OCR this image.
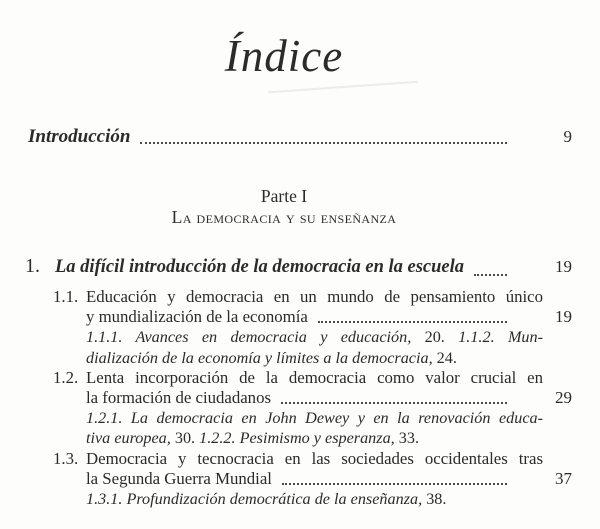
Índice
Introducción	9
Parte I
La democracia y su enseñanza
1. La difícil introducción de la democracia en la escuela	19
1.1. Educación y democracia en un mundo de pensamiento único
y mundialización de la economía	19
1.1.1. Avances en democracia y educación, 20. 1.1.2. Mun-
dialización de la economía y límites a la democracia, 24.
1.2. Lenta incorporación de la democracia como valor crucial en
la formación de ciudadanos	29
1.2.1. La democracia en John Dewey y en la renovación educa-
tiva europea, 30. 1.2.2. Pesimismo y esperanza, 33.
1.3. Democracia y tecnocracia en las sociedades occidentales tras
la Segunda Guerra Mundial	37
1.3.1. Profundización democrática de la enseñanza, 38.
